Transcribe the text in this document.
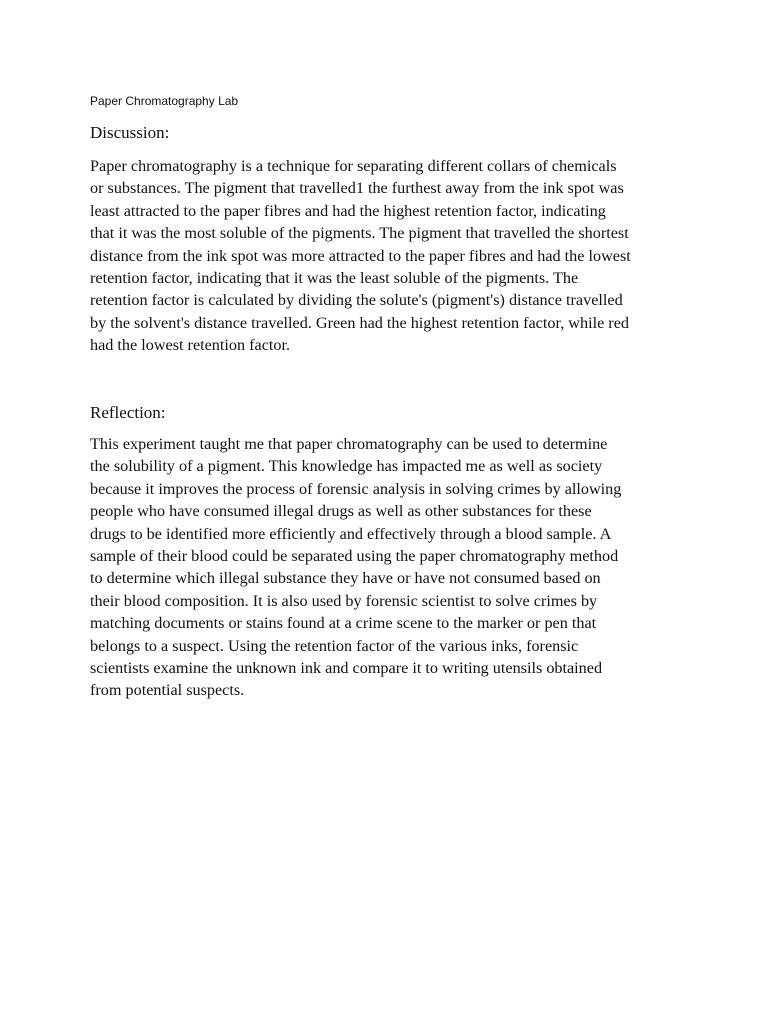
Paper Chromatography Lab
Discussion:
Paper chromatography is a technique for separating different collars of chemicals
or substances. The pigment that travelled1 the furthest away from the ink spot was
least attracted to the paper fibres and had the highest retention factor, indicating
that it was the most soluble of the pigments. The pigment that travelled the shortest
distance from the ink spot was more attracted to the paper fibres and had the lowest
retention factor, indicating that it was the least soluble of the pigments. The
retention factor is calculated by dividing the solute's (pigment's) distance travelled
by the solvent's distance travelled. Green had the highest retention factor, while red
had the lowest retention factor.
Reflection:
This experiment taught me that paper chromatography can be used to determine
the solubility of a pigment. This knowledge has impacted me as well as society
because it improves the process of forensic analysis in solving crimes by allowing
people who have consumed illegal drugs as well as other substances for these
drugs to be identified more efficiently and effectively through a blood sample. A
sample of their blood could be separated using the paper chromatography method
to determine which illegal substance they have or have not consumed based on
their blood composition. It is also used by forensic scientist to solve crimes by
matching documents or stains found at a crime scene to the marker or pen that
belongs to a suspect. Using the retention factor of the various inks, forensic
scientists examine the unknown ink and compare it to writing utensils obtained
from potential suspects.
